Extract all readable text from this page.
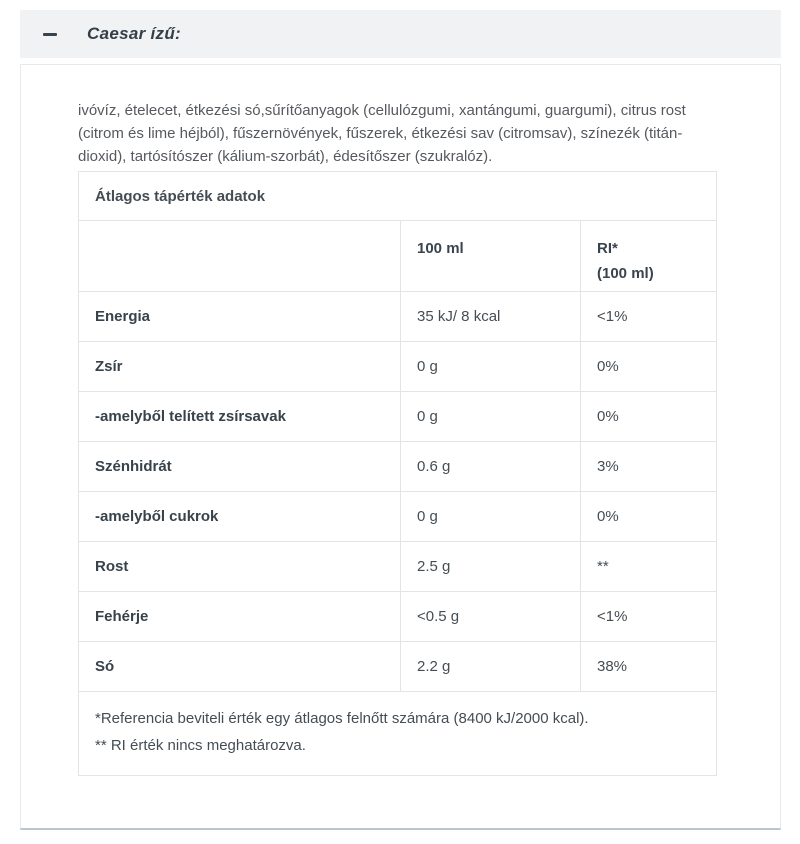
Caesar ízű:

ivóvíz, ételecet, étkezési só,sűrítőanyagok (cellulózgumi, xantángumi, guargumi), citrus rost (citrom és lime héjból), fűszernövények, fűszerek, étkezési sav (citromsav), színezék (titán-dioxid), tartósítószer (kálium-szorbát), édesítőszer (szukralóz).

Átlagos tápérték adatok		
	100 ml	RI*
(100 ml)
Energia	35 kJ/ 8 kcal	<1%
Zsír	0 g	0%
-amelyből telített zsírsavak	0 g	0%
Szénhidrát	0.6 g	3%
-amelyből cukrok	0 g	0%
Rost	2.5 g	**
Fehérje	<0.5 g	<1%
Só	2.2 g	38%

*Referencia beviteli érték egy átlagos felnőtt számára (8400 kJ/2000 kcal).
** RI érték nincs meghatározva.		
